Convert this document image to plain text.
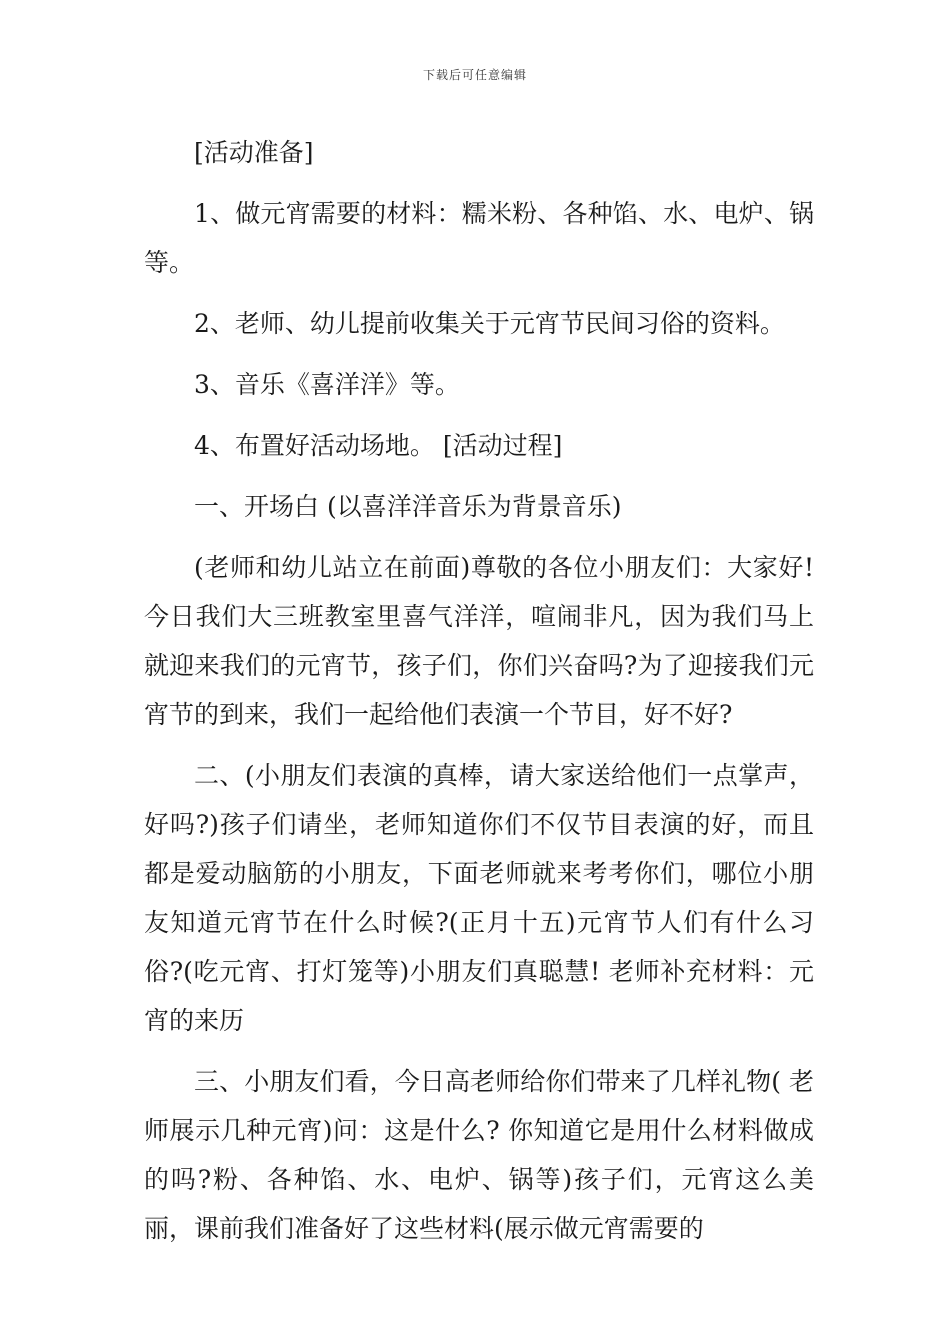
下载后可任意编辑

[活动准备]

1、做元宵需要的材料：糯米粉、各种馅、水、电炉、锅等。

2、老师、幼儿提前收集关于元宵节民间习俗的资料。

3、音乐《喜洋洋》等。

4、布置好活动场地。 [活动过程]

一、开场白 (以喜洋洋音乐为背景音乐)

(老师和幼儿站立在前面)尊敬的各位小朋友们：大家好!今日我们大三班教室里喜气洋洋，喧闹非凡，因为我们马上就迎来我们的元宵节，孩子们，你们兴奋吗?为了迎接我们元宵节的到来，我们一起给他们表演一个节目，好不好?

二、(小朋友们表演的真棒，请大家送给他们一点掌声，好吗?)孩子们请坐，老师知道你们不仅节目表演的好，而且都是爱动脑筋的小朋友，下面老师就来考考你们，哪位小朋友知道元宵节在什么时候?(正月十五)元宵节人们有什么习俗?(吃元宵、打灯笼等)小朋友们真聪慧! 老师补充材料：元宵的来历

三、小朋友们看，今日高老师给你们带来了几样礼物( 老师展示几种元宵)问：这是什么? 你知道它是用什么材料做成的吗?粉、各种馅、水、电炉、锅等)孩子们，元宵这么美丽，课前我们准备好了这些材料(展示做元宵需要的
